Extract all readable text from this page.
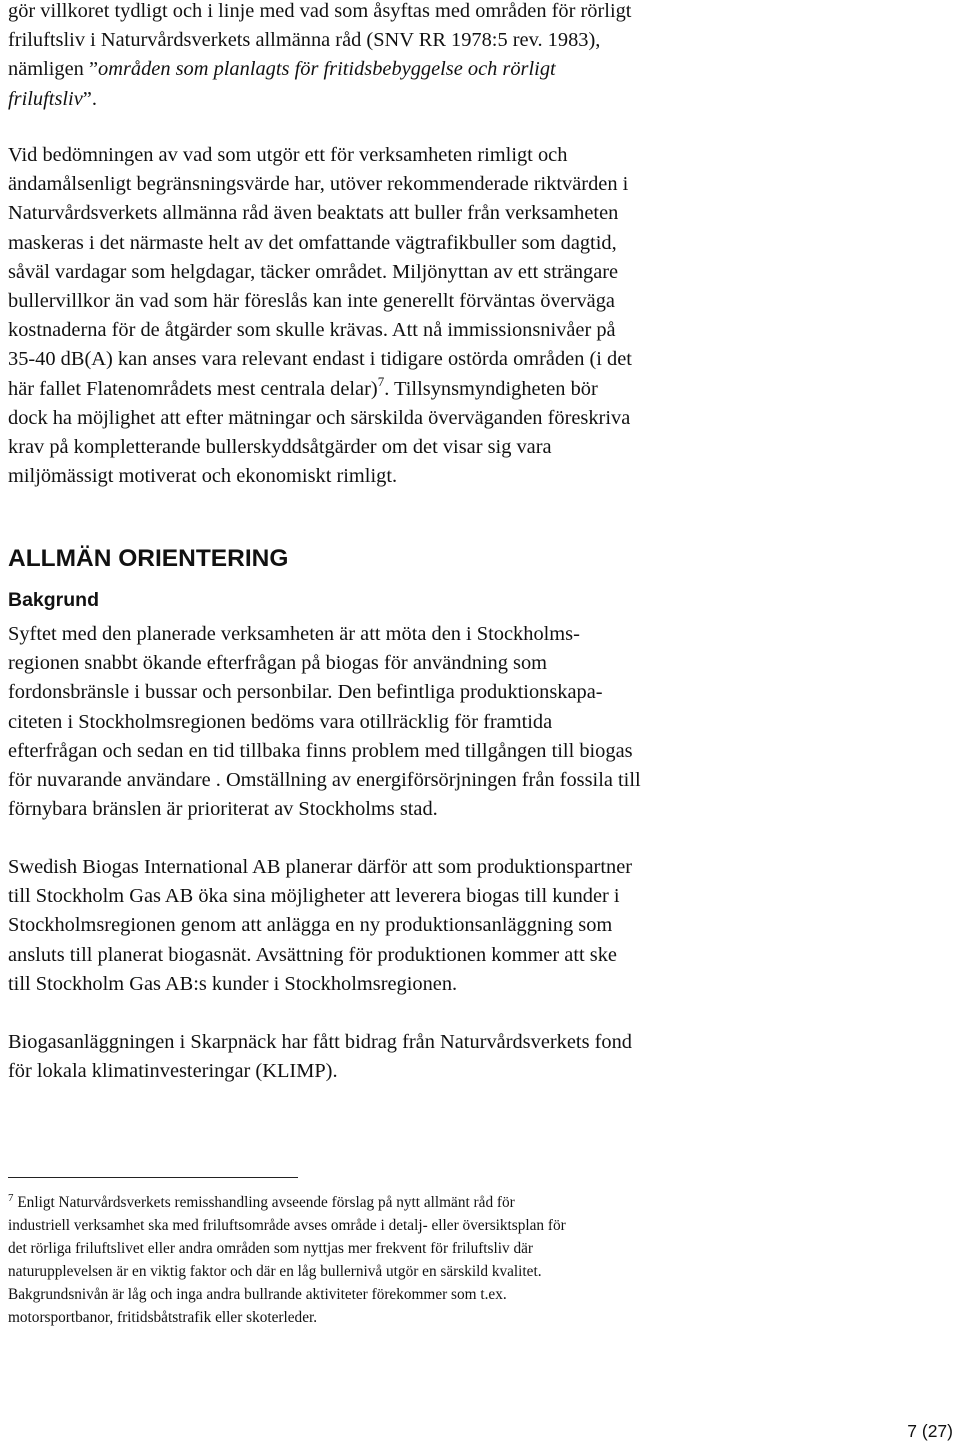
gör villkoret tydligt och i linje med vad som åsyftas med områden för rörligt
friluftsliv i Naturvårdsverkets allmänna råd (SNV RR 1978:5 rev. 1983),
nämligen ”områden som planlagts för fritidsbebyggelse och rörligt
friluftsliv”.

Vid bedömningen av vad som utgör ett för verksamheten rimligt och
ändamålsenligt begränsningsvärde har, utöver rekommenderade riktvärden i
Naturvårdsverkets allmänna råd även beaktats att buller från verksamheten
maskeras i det närmaste helt av det omfattande vägtrafikbuller som dagtid,
såväl vardagar som helgdagar, täcker området. Miljönyttan av ett strängare
bullervillkor än vad som här föreslås kan inte generellt förväntas överväga
kostnaderna för de åtgärder som skulle krävas. Att nå immissionsnivåer på
35-40 dB(A) kan anses vara relevant endast i tidigare ostörda områden (i det
här fallet Flatenområdets mest centrala delar)$^7$. Tillsynsmyndigheten bör
dock ha möjlighet att efter mätningar och särskilda överväganden föreskriva
krav på kompletterande bullerskyddsåtgärder om det visar sig vara
miljömässigt motiverat och ekonomiskt rimligt.

ALLMÄN ORIENTERING
Bakgrund

Syftet med den planerade verksamheten är att möta den i Stockholms-
regionen snabbt ökande efterfrågan på biogas för användning som
fordonsbränsle i bussar och personbilar. Den befintliga produktionskapa-
citeten i Stockholmsregionen bedöms vara otillräcklig för framtida
efterfrågan och sedan en tid tillbaka finns problem med tillgången till biogas
för nuvarande användare . Omställning av energiförsörjningen från fossila till
förnybara bränslen är prioriterat av Stockholms stad.

Swedish Biogas International AB planerar därför att som produktionspartner
till Stockholm Gas AB öka sina möjligheter att leverera biogas till kunder i
Stockholmsregionen genom att anlägga en ny produktionsanläggning som
ansluts till planerat biogasnät. Avsättning för produktionen kommer att ske
till Stockholm Gas AB:s kunder i Stockholmsregionen.

Biogasanläggningen i Skarpnäck har fått bidrag från Naturvårdsverkets fond
för lokala klimatinvesteringar (KLIMP).

$^7$ Enligt Naturvårdsverkets remisshandling avseende förslag på nytt allmänt råd för
industriell verksamhet ska med friluftsområde avses område i detalj- eller översiktsplan för
det rörliga friluftslivet eller andra områden som nyttjas mer frekvent för friluftsliv där
naturupplevelsen är en viktig faktor och där en låg bullernivå utgör en särskild kvalitet.
Bakgrundsnivån är låg och inga andra bullrande aktiviteter förekommer som t.ex.
motorsportbanor, fritidsbåtstrafik eller skoterleder.

7 (27)
